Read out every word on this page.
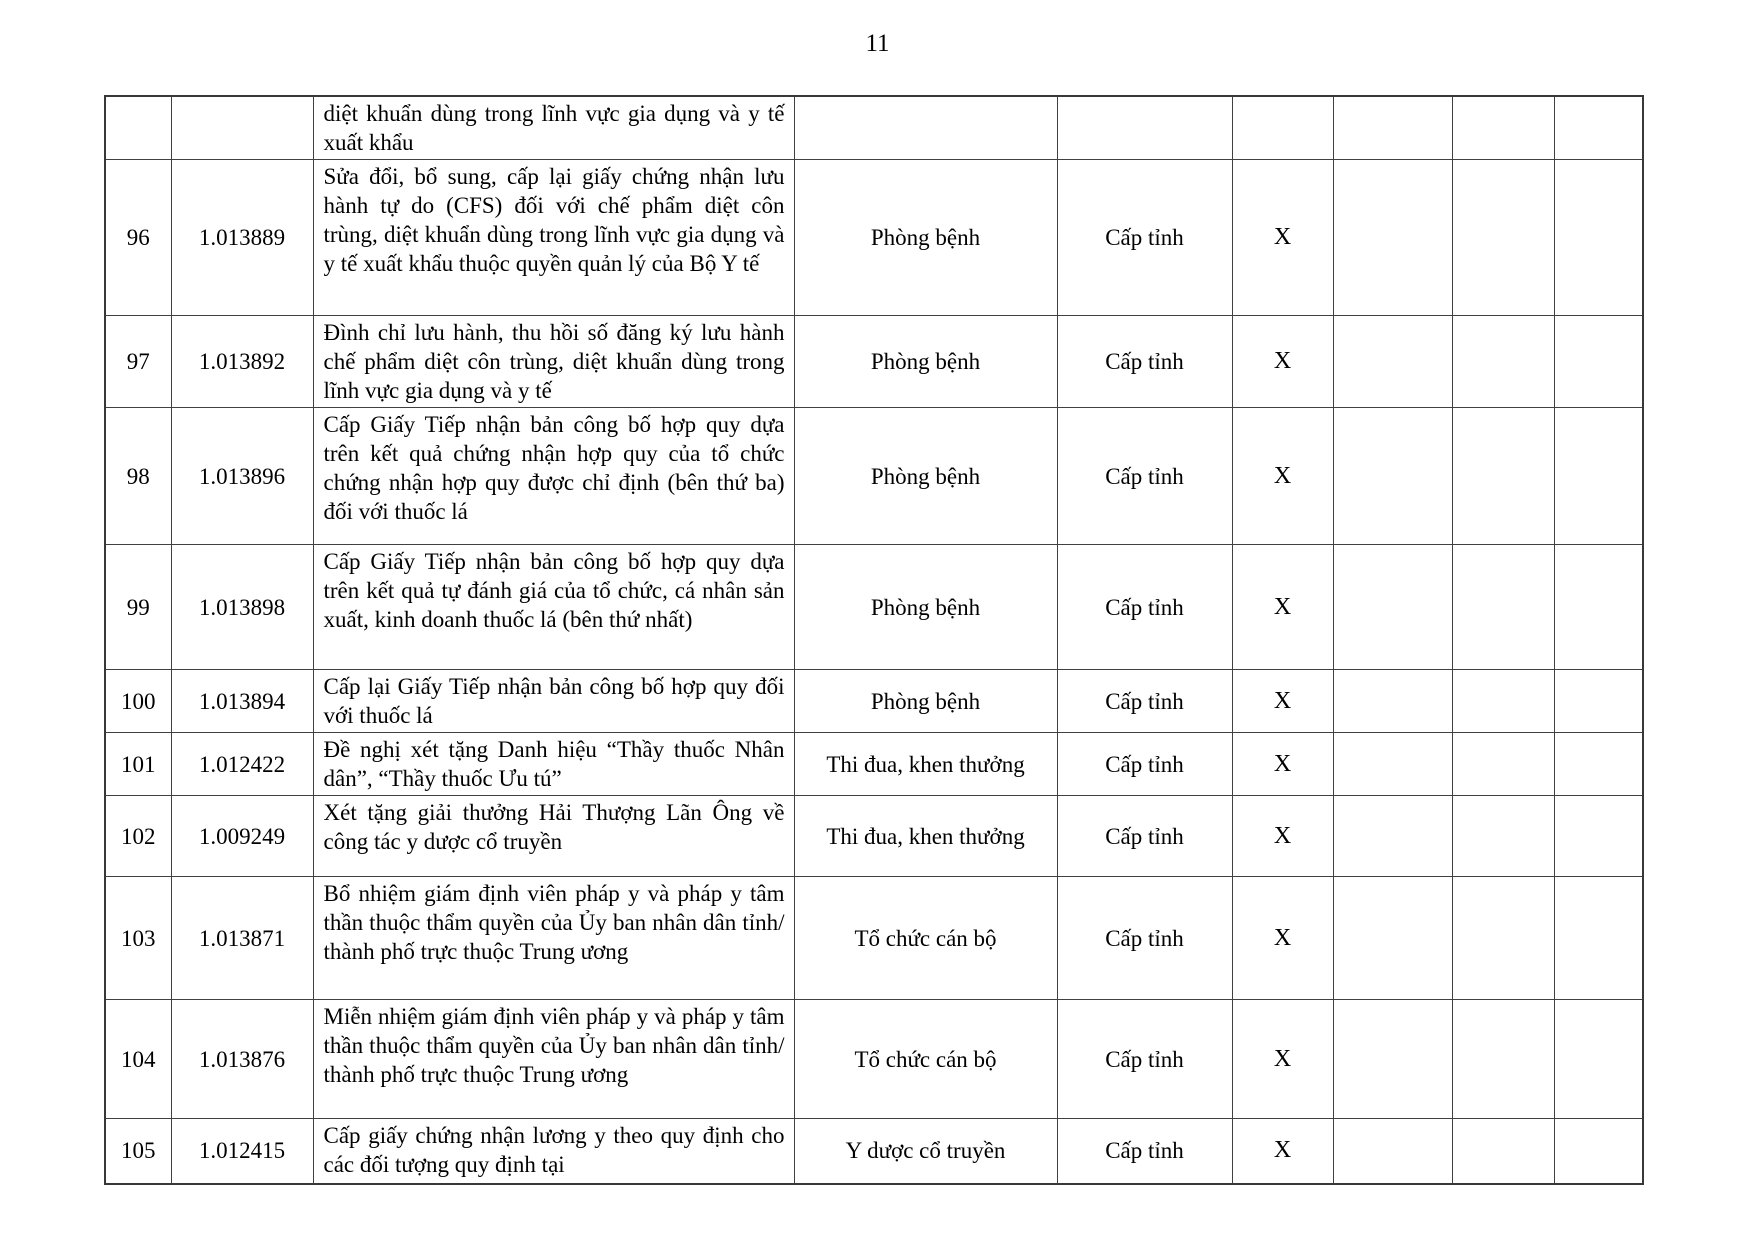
11
		diệt khuẩn dùng trong lĩnh vực gia dụng và y tế xuất khẩu						
96	1.013889	Sửa đổi, bổ sung, cấp lại giấy chứng nhận lưu hành tự do (CFS) đối với chế phẩm diệt côn trùng, diệt khuẩn dùng trong lĩnh vực gia dụng và y tế xuất khẩu thuộc quyền quản lý của Bộ Y tế	Phòng bệnh	Cấp tỉnh	X			
97	1.013892	Đình chỉ lưu hành, thu hồi số đăng ký lưu hành chế phẩm diệt côn trùng, diệt khuẩn dùng trong lĩnh vực gia dụng và y tế	Phòng bệnh	Cấp tỉnh	X			
98	1.013896	Cấp Giấy Tiếp nhận bản công bố hợp quy dựa trên kết quả chứng nhận hợp quy của tổ chức chứng nhận hợp quy được chỉ định (bên thứ ba) đối với thuốc lá	Phòng bệnh	Cấp tỉnh	X			
99	1.013898	Cấp Giấy Tiếp nhận bản công bố hợp quy dựa trên kết quả tự đánh giá của tổ chức, cá nhân sản xuất, kinh doanh thuốc lá (bên thứ nhất)	Phòng bệnh	Cấp tỉnh	X			
100	1.013894	Cấp lại Giấy Tiếp nhận bản công bố hợp quy đối với thuốc lá	Phòng bệnh	Cấp tỉnh	X			
101	1.012422	Đề nghị xét tặng Danh hiệu “Thầy thuốc Nhân dân”, “Thầy thuốc Ưu tú”	Thi đua, khen thưởng	Cấp tỉnh	X			
102	1.009249	Xét tặng giải thưởng Hải Thượng Lãn Ông về công tác y dược cổ truyền	Thi đua, khen thưởng	Cấp tỉnh	X			
103	1.013871	Bổ nhiệm giám định viên pháp y và pháp y tâm thần thuộc thẩm quyền của Ủy ban nhân dân tỉnh/ thành phố trực thuộc Trung ương	Tổ chức cán bộ	Cấp tỉnh	X			
104	1.013876	Miễn nhiệm giám định viên pháp y và pháp y tâm thần thuộc thẩm quyền của Ủy ban nhân dân tỉnh/ thành phố trực thuộc Trung ương	Tổ chức cán bộ	Cấp tỉnh	X			
105	1.012415	Cấp giấy chứng nhận lương y theo quy định cho các đối tượng quy định tại	Y dược cổ truyền	Cấp tỉnh	X			
